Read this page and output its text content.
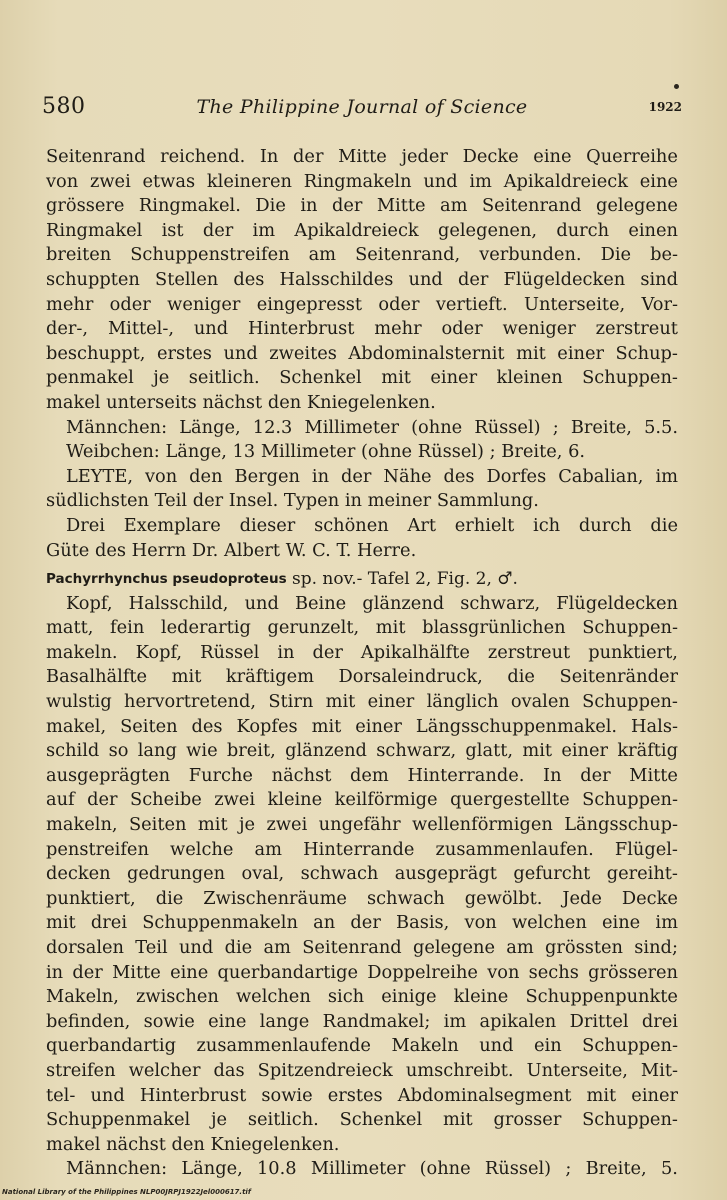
580	The Philippine Journal of Science	1922
Seitenrand reichend. In der Mitte jeder Decke eine Querreihe
von zwei etwas kleineren Ringmakeln und im Apikaldreieck eine
grössere Ringmakel. Die in der Mitte am Seitenrand gelegene
Ringmakel ist der im Apikaldreieck gelegenen, durch einen
breiten Schuppenstreifen am Seitenrand, verbunden. Die be-
schuppten Stellen des Halsschildes und der Flügeldecken sind
mehr oder weniger eingepresst oder vertieft. Unterseite, Vor-
der-, Mittel-, und Hinterbrust mehr oder weniger zerstreut
beschuppt, erstes und zweites Abdominalsternit mit einer Schup-
penmakel je seitlich. Schenkel mit einer kleinen Schuppen-
makel
unterseits
nächst
den
Kniegelenken.
Männchen: Länge, 12.3 Millimeter (ohne Rüssel) ; Breite, 5.5.
Weibchen:
Länge,
13
Millimeter
(ohne
Rüssel)
;
Breite,
6.
LEYTE, von den Bergen in der Nähe des Dorfes Cabalian, im
südlichsten
Teil
der
Insel.
Typen
in
meiner
Sammlung.
Drei Exemplare dieser schönen Art erhielt ich durch die
Güte
des
Herrn
Dr.
Albert
W.
C.
T.
Herre.
Pachyrrhynchus pseudoproteus
sp. nov.- Tafel 2, Fig. 2, ♂.
Kopf, Halsschild, und Beine glänzend schwarz, Flügeldecken
matt, fein lederartig gerunzelt, mit blassgrünlichen Schuppen-
makeln. Kopf, Rüssel in der Apikalhälfte zerstreut punktiert,
Basalhälfte mit kräftigem Dorsaleindruck, die Seitenränder
wulstig hervortretend, Stirn mit einer länglich ovalen Schuppen-
makel, Seiten des Kopfes mit einer Längsschuppenmakel. Hals-
schild so lang wie breit, glänzend schwarz, glatt, mit einer kräftig
ausgeprägten Furche nächst dem Hinterrande. In der Mitte
auf der Scheibe zwei kleine keilförmige quergestellte Schuppen-
makeln, Seiten mit je zwei ungefähr wellenförmigen Längsschup-
penstreifen welche am Hinterrande zusammenlaufen. Flügel-
decken gedrungen oval, schwach ausgeprägt gefurcht gereiht-
punktiert, die Zwischenräume schwach gewölbt. Jede Decke
mit drei Schuppenmakeln an der Basis, von welchen eine im
dorsalen Teil und die am Seitenrand gelegene am grössten sind;
in der Mitte eine querbandartige Doppelreihe von sechs grösseren
Makeln, zwischen welchen sich einige kleine Schuppenpunkte
befinden, sowie eine lange Randmakel; im apikalen Drittel drei
querbandartig zusammenlaufende Makeln und ein Schuppen-
streifen welcher das Spitzendreieck umschreibt. Unterseite, Mit-
tel- und Hinterbrust sowie erstes Abdominalsegment mit einer
Schuppenmakel je seitlich. Schenkel mit grosser Schuppen-
makel
nächst
den
Kniegelenken.
Männchen: Länge, 10.8 Millimeter (ohne Rüssel) ; Breite, 5.
National Library of the Philippines NLP00JRPJ1922Jel000617.tif
